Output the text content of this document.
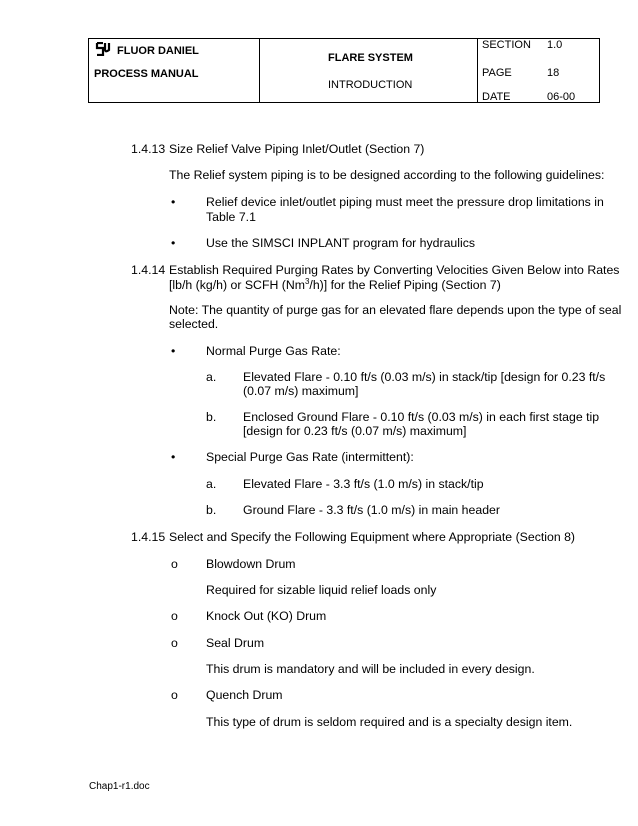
FLUOR DANIEL
PROCESS MANUAL
FLARE SYSTEM
INTRODUCTION
SECTION 1.0
PAGE	18
DATE	06-00
1.4.13 Size Relief Valve Piping Inlet/Outlet (Section 7)
The Relief system piping is to be designed according to the following guidelines:
• Relief device inlet/outlet piping must meet the pressure drop limitations in
Table 7.1
• Use the SIMSCI INPLANT program for hydraulics
1.4.14 Establish Required Purging Rates by Converting Velocities Given Below into Rates
[lb/h (kg/h) or SCFH (Nm$^3$/h)] for the Relief Piping (Section 7)
Note: The quantity of purge gas for an elevated flare depends upon the type of seal
selected.
• Normal Purge Gas Rate:
a. Elevated Flare - 0.10 ft/s (0.03 m/s) in stack/tip [design for 0.23 ft/s
(0.07 m/s) maximum]
b. Enclosed Ground Flare - 0.10 ft/s (0.03 m/s) in each first stage tip
[design for 0.23 ft/s (0.07 m/s) maximum]
• Special Purge Gas Rate (intermittent):
a. Elevated Flare - 3.3 ft/s (1.0 m/s) in stack/tip
b. Ground Flare - 3.3 ft/s (1.0 m/s) in main header
1.4.15 Select and Specify the Following Equipment where Appropriate (Section 8)
o Blowdown Drum
Required for sizable liquid relief loads only
o Knock Out (KO) Drum
o Seal Drum
This drum is mandatory and will be included in every design.
o Quench Drum
This type of drum is seldom required and is a specialty design item.
Chap1-r1.doc
